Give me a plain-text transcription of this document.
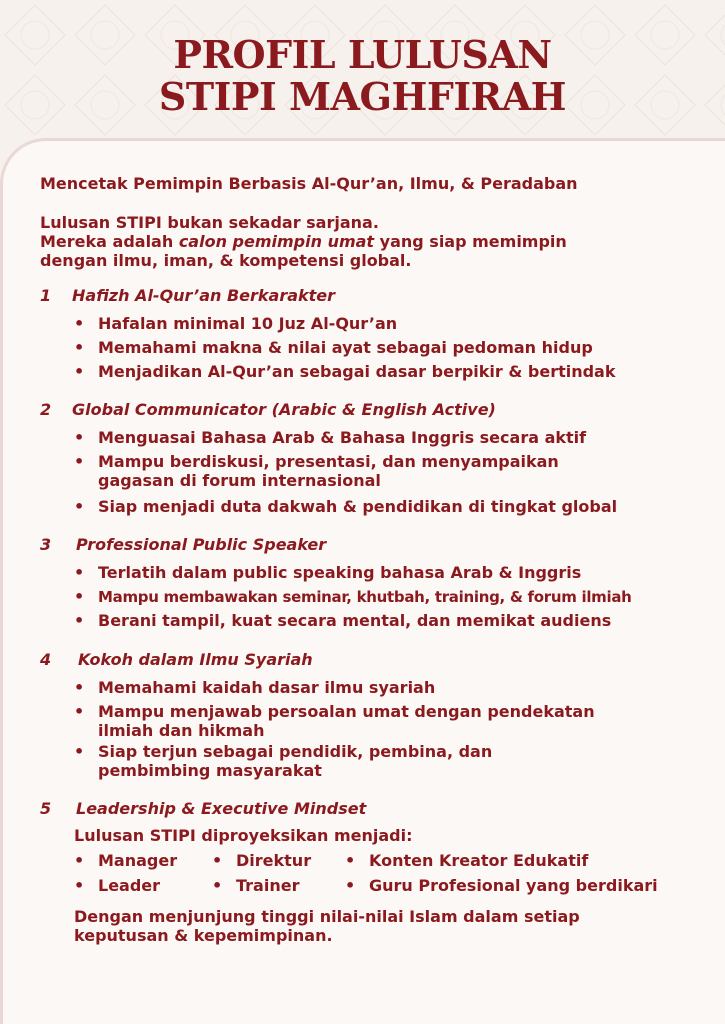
PROFIL LULUSAN
STIPI MAGHFIRAH
Mencetak Pemimpin Berbasis Al-Qur’an, Ilmu, & Peradaban
Lulusan STIPI bukan sekadar sarjana.
Mereka adalah calon pemimpin umat yang siap memimpin
dengan ilmu, iman, & kompetensi global.
1 Hafizh Al-Qur’an Berkarakter
• Hafalan minimal 10 Juz Al-Qur’an
• Memahami makna & nilai ayat sebagai pedoman hidup
• Menjadikan Al-Qur’an sebagai dasar berpikir & bertindak
2 Global Communicator (Arabic & English Active)
• Menguasai Bahasa Arab & Bahasa Inggris secara aktif
• Mampu berdiskusi, presentasi, dan menyampaikan
gagasan di forum internasional
• Siap menjadi duta dakwah & pendidikan di tingkat global
3 Professional Public Speaker
• Terlatih dalam public speaking bahasa Arab & Inggris
• Mampu membawakan seminar, khutbah, training, & forum ilmiah
• Berani tampil, kuat secara mental, dan memikat audiens
4 Kokoh dalam Ilmu Syariah
• Memahami kaidah dasar ilmu syariah
• Mampu menjawab persoalan umat dengan pendekatan
ilmiah dan hikmah
• Siap terjun sebagai pendidik, pembina, dan
pembimbing masyarakat
5 Leadership & Executive Mindset
Lulusan STIPI diproyeksikan menjadi:
• Manager • Direktur • Konten Kreator Edukatif
• Leader	• Trainer	• Guru Profesional yang berdikari
Dengan menjunjung tinggi nilai-nilai Islam dalam setiap
keputusan & kepemimpinan.
